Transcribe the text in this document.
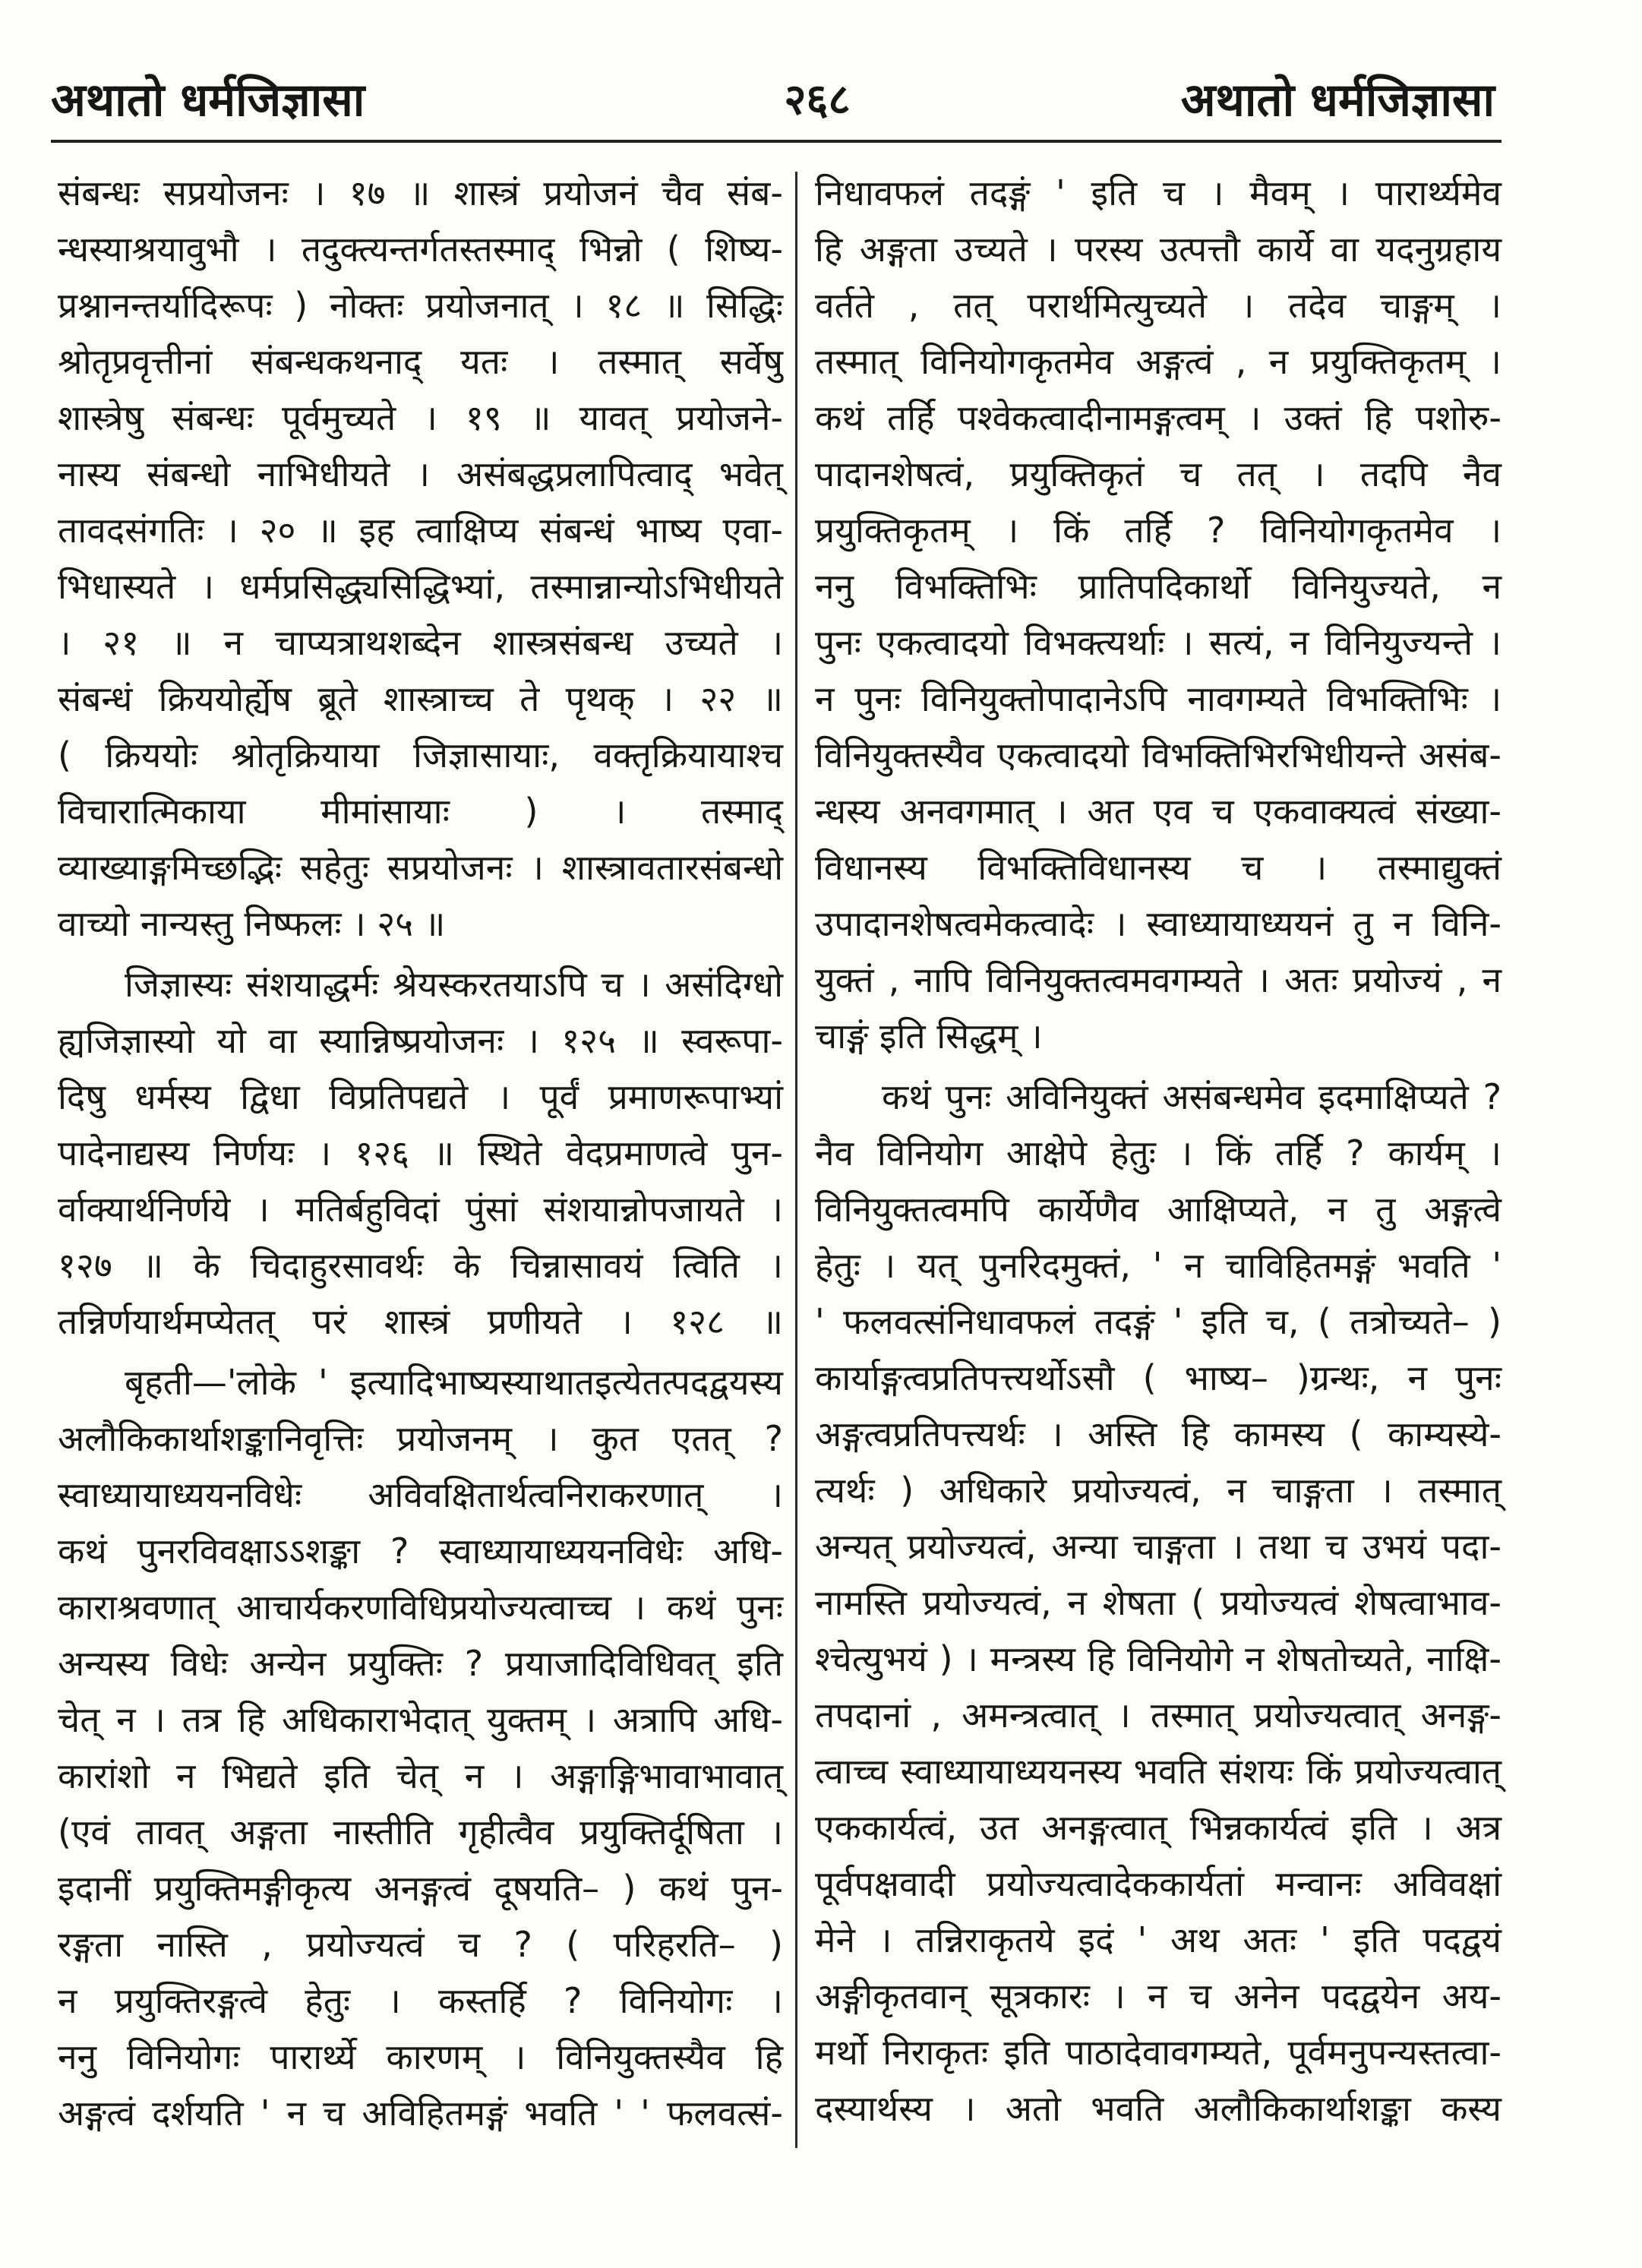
अथातो धर्मजिज्ञासा	२६८	अथातो धर्मजिज्ञासा
संबन्धः सप्रयोजनः । १७ ॥ शास्त्रं प्रयोजनं चैव संब-
न्धस्याश्रयावुभौ । तदुक्त्यन्तर्गतस्तस्माद् भिन्नो ( शिष्य-
प्रश्नानन्तर्यादिरूपः ) नोक्तः प्रयोजनात् । १८ ॥ सिद्धिः
श्रोतृप्रवृत्तीनां संबन्धकथनाद् यतः । तस्मात् सर्वेषु
शास्त्रेषु संबन्धः पूर्वमुच्यते । १९ ॥ यावत् प्रयोजने-
नास्य संबन्धो नाभिधीयते । असंबद्धप्रलापित्वाद् भवेत्
तावदसंगतिः । २० ॥ इह त्वाक्षिप्य संबन्धं भाष्य एवा-
भिधास्यते । धर्मप्रसिद्ध्यसिद्धिभ्यां, तस्मान्नान्योऽभिधीयते
। २१ ॥ न चाप्यत्राथशब्देन शास्त्रसंबन्ध उच्यते ।
संबन्धं क्रिययोर्ह्येष ब्रूते शास्त्राच्च ते पृथक् । २२ ॥
( क्रिययोः श्रोतृक्रियाया जिज्ञासायाः, वक्तृक्रियायाश्च
विचारात्मिकाया मीमांसायाः ) । तस्माद्
व्याख्याङ्गमिच्छद्भिः सहेतुः सप्रयोजनः । शास्त्रावतारसंबन्धो
वाच्यो नान्यस्तु निष्फलः । २५ ॥
जिज्ञास्यः संशयाद्धर्मः श्रेयस्करतयाऽपि च । असंदिग्धो
ह्यजिज्ञास्यो यो वा स्यान्निष्प्रयोजनः । १२५ ॥ स्वरूपा-
दिषु धर्मस्य द्विधा विप्रतिपद्यते । पूर्वं प्रमाणरूपाभ्यां
पादेनाद्यस्य निर्णयः । १२६ ॥ स्थिते वेदप्रमाणत्वे पुन-
र्वाक्यार्थनिर्णये । मतिर्बहुविदां पुंसां संशयान्नोपजायते ।
१२७ ॥ के चिदाहुरसावर्थः के चिन्नासावयं त्विति ।
तन्निर्णयार्थमप्येतत् परं शास्त्रं प्रणीयते । १२८ ॥
बृहती—'लोके ' इत्यादिभाष्यस्याथातइत्येतत्पदद्वयस्य
अलौकिकार्थाशङ्कानिवृत्तिः प्रयोजनम् । कुत एतत् ?
स्वाध्यायाध्ययनविधेः अविवक्षितार्थत्वनिराकरणात् ।
कथं पुनरविवक्षाऽऽशङ्का ? स्वाध्यायाध्ययनविधेः अधि-
काराश्रवणात् आचार्यकरणविधिप्रयोज्यत्वाच्च । कथं पुनः
अन्यस्य विधेः अन्येन प्रयुक्तिः ? प्रयाजादिविधिवत् इति
चेत् न । तत्र हि अधिकाराभेदात् युक्तम् । अत्रापि अधि-
कारांशो न भिद्यते इति चेत् न । अङ्गाङ्गिभावाभावात्
(एवं तावत् अङ्गता नास्तीति गृहीत्वैव प्रयुक्तिर्दूषिता ।
इदानीं प्रयुक्तिमङ्गीकृत्य अनङ्गत्वं दूषयति– ) कथं पुन-
रङ्गता नास्ति , प्रयोज्यत्वं च ? ( परिहरति– )
न प्रयुक्तिरङ्गत्वे हेतुः । कस्तर्हि ? विनियोगः ।
ननु विनियोगः पारार्थ्ये कारणम् । विनियुक्तस्यैव हि
अङ्गत्वं दर्शयति ' न च अविहितमङ्गं भवति ' ' फलवत्सं-
निधावफलं तदङ्गं ' इति च । मैवम् । पारार्थ्यमेव
हि अङ्गता उच्यते । परस्य उत्पत्तौ कार्ये वा यदनुग्रहाय
वर्तते , तत् परार्थमित्युच्यते । तदेव चाङ्गम् ।
तस्मात् विनियोगकृतमेव अङ्गत्वं , न प्रयुक्तिकृतम् ।
कथं तर्हि पश्वेकत्वादीनामङ्गत्वम् । उक्तं हि पशोरु-
पादानशेषत्वं, प्रयुक्तिकृतं च तत् । तदपि नैव
प्रयुक्तिकृतम् । किं तर्हि ? विनियोगकृतमेव ।
ननु विभक्तिभिः प्रातिपदिकार्थो विनियुज्यते, न
पुनः एकत्वादयो विभक्त्यर्थाः । सत्यं, न विनियुज्यन्ते ।
न पुनः विनियुक्तोपादानेऽपि नावगम्यते विभक्तिभिः ।
विनियुक्तस्यैव एकत्वादयो विभक्तिभिरभिधीयन्ते असंब-
न्धस्य अनवगमात् । अत एव च एकवाक्यत्वं संख्या-
विधानस्य विभक्तिविधानस्य च । तस्माद्युक्तं
उपादानशेषत्वमेकत्वादेः । स्वाध्यायाध्ययनं तु न विनि-
युक्तं , नापि विनियुक्तत्वमवगम्यते । अतः प्रयोज्यं , न
चाङ्गं इति सिद्धम् ।
कथं पुनः अविनियुक्तं असंबन्धमेव इदमाक्षिप्यते ?
नैव विनियोग आक्षेपे हेतुः । किं तर्हि ? कार्यम् ।
विनियुक्तत्वमपि कार्येणैव आक्षिप्यते, न तु अङ्गत्वे
हेतुः । यत् पुनरिदमुक्तं, ' न चाविहितमङ्गं भवति '
' फलवत्संनिधावफलं तदङ्गं ' इति च, ( तत्रोच्यते– )
कार्याङ्गत्वप्रतिपत्त्यर्थोऽसौ ( भाष्य– )ग्रन्थः, न पुनः
अङ्गत्वप्रतिपत्त्यर्थः । अस्ति हि कामस्य ( काम्यस्ये-
त्यर्थः ) अधिकारे प्रयोज्यत्वं, न चाङ्गता । तस्मात्
अन्यत् प्रयोज्यत्वं, अन्या चाङ्गता । तथा च उभयं पदा-
नामस्ति प्रयोज्यत्वं, न शेषता ( प्रयोज्यत्वं शेषत्वाभाव-
श्चेत्युभयं ) । मन्त्रस्य हि विनियोगे न शेषतोच्यते, नाक्षि-
तपदानां , अमन्त्रत्वात् । तस्मात् प्रयोज्यत्वात् अनङ्ग-
त्वाच्च स्वाध्यायाध्ययनस्य भवति संशयः किं प्रयोज्यत्वात्
एककार्यत्वं, उत अनङ्गत्वात् भिन्नकार्यत्वं इति । अत्र
पूर्वपक्षवादी प्रयोज्यत्वादेककार्यतां मन्वानः अविवक्षां
मेने । तन्निराकृतये इदं ' अथ अतः ' इति पदद्वयं
अङ्गीकृतवान् सूत्रकारः । न च अनेन पदद्वयेन अय-
मर्थो निराकृतः इति पाठादेवावगम्यते, पूर्वमनुपन्यस्तत्वा-
दस्यार्थस्य । अतो भवति अलौकिकार्थाशङ्का कस्य
